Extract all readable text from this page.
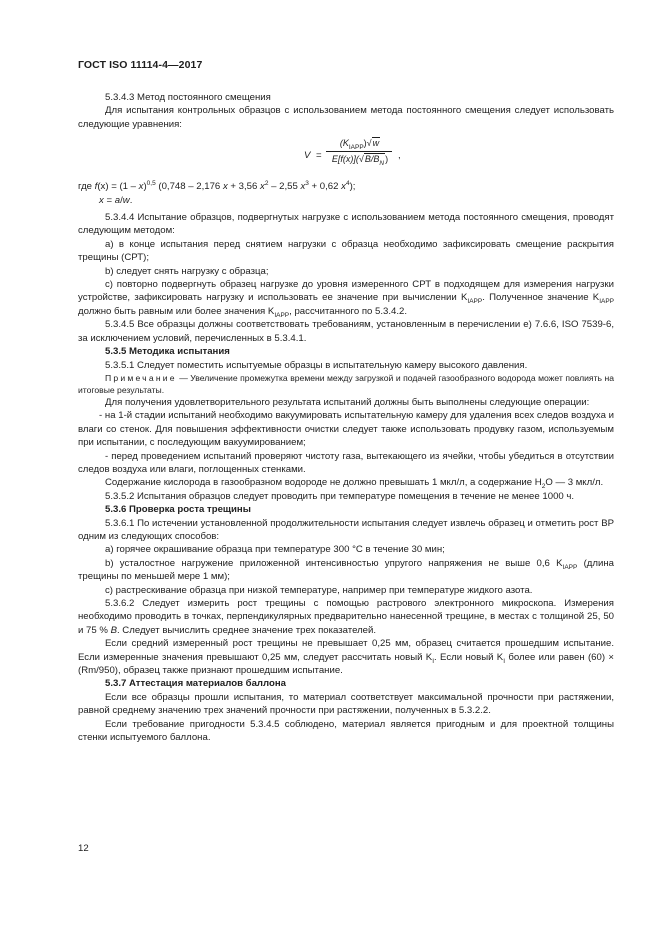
ГОСТ ISO 11114-4—2017

5.3.4.3 Метод постоянного смещения

Для испытания контрольных образцов с использованием метода постоянного смещения следует использовать следующие уравнения:

V =
$(K_{IAPP})√w$
$E[f(x)](√B/B_N)$	,

где f(x) = (1 – x)$^{0,5}$ (0,748 – 2,176 x + 3,56 $x^2 - 2,55$ $x^3 + 0,62$ $x^4$);

x = a/w.

5.3.4.4 Испытание образцов, подвергнутых нагрузке с использованием метода постоянного смещения, проводят следующим методом:

а) в конце испытания перед снятием нагрузки с образца необходимо зафиксировать смещение раскрытия трещины (СРТ);

b) следует снять нагрузку с образца;

с) повторно подвергнуть образец нагрузке до уровня измеренного СРТ в подходящем для измерения нагрузки устройстве, зафиксировать нагрузку и использовать ее значение при вычислении $K_{IAPP}$. Полученное значение $K_{IAPP}$ должно быть равным или более значения $K_{IAPP}$, рассчитанного по 5.3.4.2.

5.3.4.5 Все образцы должны соответствовать требованиям, установленным в перечислении е) 7.6.6, ISO 7539-6, за исключением условий, перечисленных в 5.3.4.1.

5.3.5 Методика испытания

5.3.5.1 Следует поместить испытуемые образцы в испытательную камеру высокого давления.

Примечание — Увеличение промежутка времени между загрузкой и подачей газообразного водорода может повлиять на итоговые результаты.

Для получения удовлетворительного результата испытаний должны быть выполнены следующие операции:

- на 1-й стадии испытаний необходимо вакуумировать испытательную камеру для удаления всех следов воздуха и влаги со стенок. Для повышения эффективности очистки следует также использовать продувку газом, используемым при испытании, с последующим вакуумированием;

- перед проведением испытаний проверяют чистоту газа, вытекающего из ячейки, чтобы убедиться в отсутствии следов воздуха или влаги, поглощенных стенками.

Содержание кислорода в газообразном водороде не должно превышать 1 мкл/л, а содержание $H_2O$ — 3 мкл/л.

5.3.5.2 Испытания образцов следует проводить при температуре помещения в течение не менее 1000 ч.

5.3.6 Проверка роста трещины

5.3.6.1 По истечении установленной продолжительности испытания следует извлечь образец и отметить рост ВР одним из следующих способов:

а) горячее окрашивание образца при температуре 300 °С в течение 30 мин;

b) усталостное нагружение приложенной интенсивностью упругого напряжения не выше 0,6 $K_{IAPP}$ (длина трещины по меньшей мере 1 мм);

с) растрескивание образца при низкой температуре, например при температуре жидкого азота.

5.3.6.2 Следует измерить рост трещины с помощью растрового электронного микроскопа. Измерения необходимо проводить в точках, перпендикулярных предварительно нанесенной трещине, в местах с толщиной 25, 50 и 75 % B. Следует вычислить среднее значение трех показателей.

Если средний измеренный рост трещины не превышает 0,25 мм, образец считается прошедшим испытание. Если измеренные значения превышают 0,25 мм, следует рассчитать новый $K_I$. Если новый $K_I$ более или равен (60) × (Rm/950), образец также признают прошедшим испытание.

5.3.7 Аттестация материалов баллона

Если все образцы прошли испытания, то материал соответствует максимальной прочности при растяжении, равной среднему значению трех значений прочности при растяжении, полученных в 5.3.2.2.

Если требование пригодности 5.3.4.5 соблюдено, материал является пригодным и для проектной толщины стенки испытуемого баллона.

12
